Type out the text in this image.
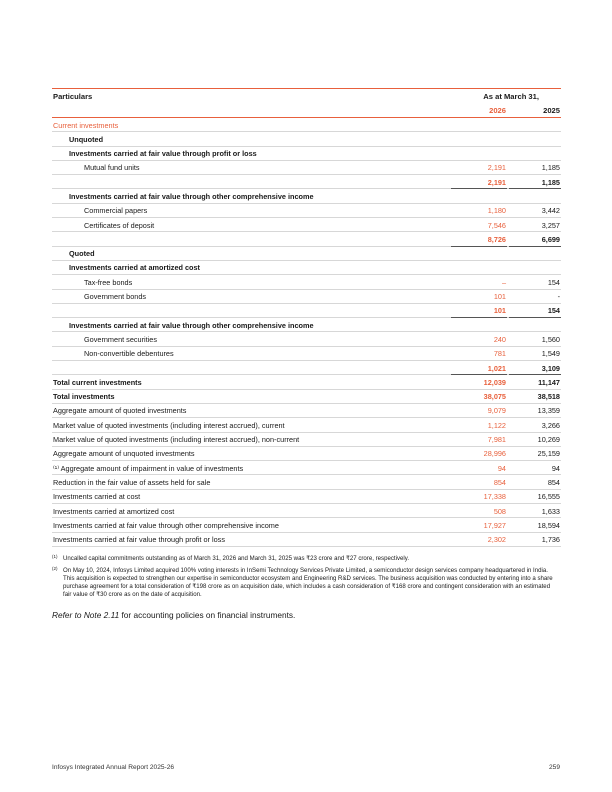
Particulars	As at March 31,
2026	2025
Current investments
Unquoted
Investments carried at fair value through profit or loss
Mutual fund units	2,191	1,185
2,191	1,185
Investments carried at fair value through other comprehensive income
Commercial papers	1,180	3,442
Certificates of deposit	7,546	3,257
8,726	6,699
Quoted
Investments carried at amortized cost
Tax-free bonds	–	154
Government bonds	101	-
101	154
Investments carried at fair value through other comprehensive income
Government securities	240	1,560
Non-convertible debentures	781	1,549
1,021	3,109
Total current investments	12,039	11,147
Total investments	38,075	38,518
Aggregate amount of quoted investments	9,079	13,359
Market value of quoted investments (including interest accrued), current	1,122	3,266
Market value of quoted investments (including interest accrued), non-current	7,981	10,269
Aggregate amount of unquoted investments	28,996	25,159
⁽¹⁾ Aggregate amount of impairment in value of investments	94	94
Reduction in the fair value of assets held for sale	854	854
Investments carried at cost	17,338	16,555
Investments carried at amortized cost	508	1,633
Investments carried at fair value through other comprehensive income	17,927	18,594
Investments carried at fair value through profit or loss	2,302	1,736
(1) Uncalled capital commitments outstanding as of March 31, 2026 and March 31, 2025 was ₹23 crore and ₹27 crore, respectively.
(2) On May 10, 2024, Infosys Limited acquired 100% voting interests in InSemi Technology Services Private Limited, a semiconductor design services company headquartered in India. This acquisition is expected to strengthen our expertise in semiconductor ecosystem and Engineering R&D services. The business acquisition was conducted by entering into a share purchase agreement for a total consideration of ₹198 crore as on acquisition date, which includes a cash consideration of ₹168 crore and contingent consideration with an estimated fair value of ₹30 crore as on the date of acquisition.
Refer to Note 2.11 for accounting policies on financial instruments.
Infosys Integrated Annual Report 2025-26	259
